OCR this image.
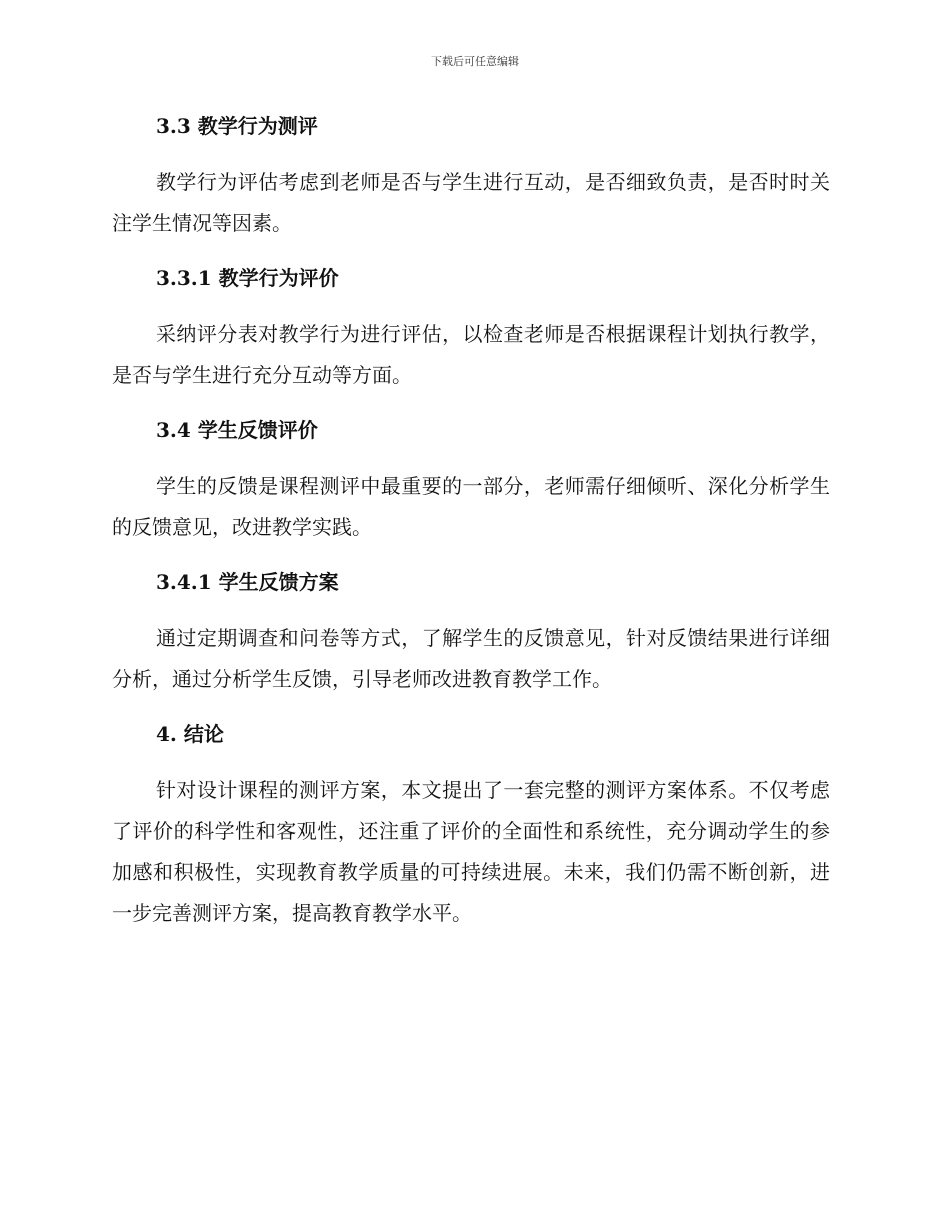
下载后可任意编辑
3.3 教学行为测评

教学行为评估考虑到老师是否与学生进行互动，是否细致负责，是否时时关注学生情况等因素。

3.3.1 教学行为评价

采纳评分表对教学行为进行评估，以检查老师是否根据课程计划执行教学，是否与学生进行充分互动等方面。

3.4 学生反馈评价

学生的反馈是课程测评中最重要的一部分，老师需仔细倾听、深化分析学生的反馈意见，改进教学实践。

3.4.1 学生反馈方案

通过定期调查和问卷等方式，了解学生的反馈意见，针对反馈结果进行详细分析，通过分析学生反馈，引导老师改进教育教学工作。

4. 结论

针对设计课程的测评方案，本文提出了一套完整的测评方案体系。不仅考虑了评价的科学性和客观性，还注重了评价的全面性和系统性，充分调动学生的参加感和积极性，实现教育教学质量的可持续进展。未来，我们仍需不断创新，进一步完善测评方案，提高教育教学水平。
